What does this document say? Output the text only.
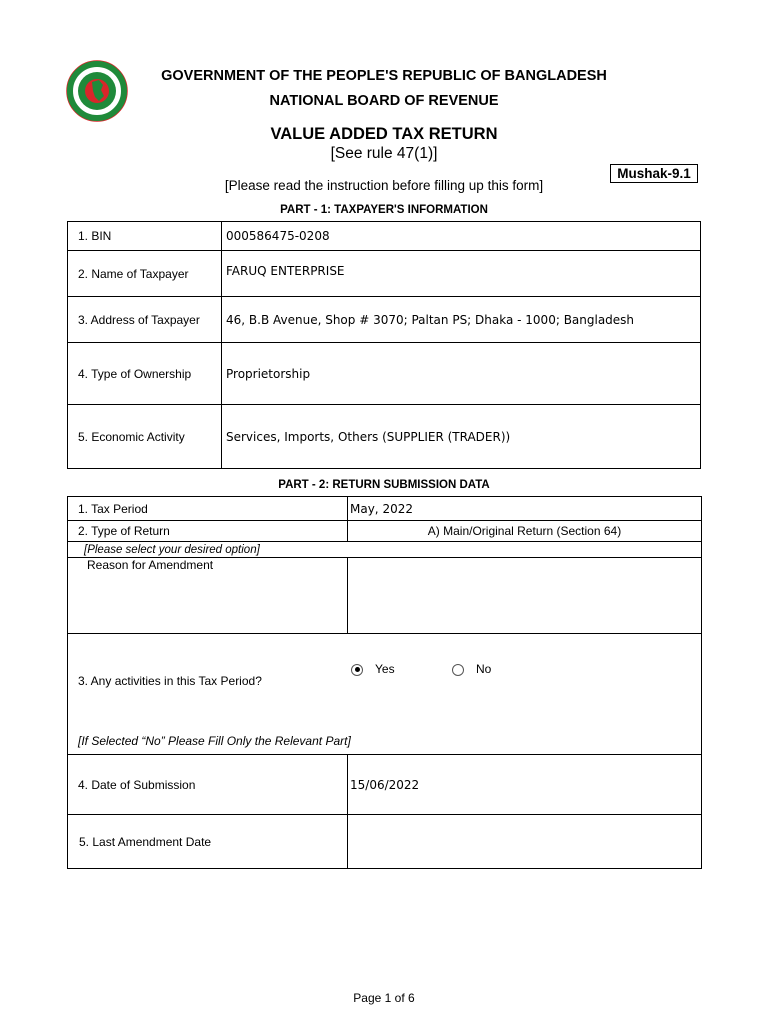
GOVERNMENT OF THE PEOPLE'S REPUBLIC OF BANGLADESH
NATIONAL BOARD OF REVENUE
VALUE ADDED TAX RETURN
[See rule 47(1)]
Mushak-9.1
[Please read the instruction before filling up this form]
PART - 1: TAXPAYER'S INFORMATION
1. BIN	000586475-0208
2. Name of Taxpayer	FARUQ ENTERPRISE
3. Address of Taxpayer	46, B.B Avenue, Shop # 3070; Paltan PS; Dhaka - 1000; Bangladesh
4. Type of Ownership	Proprietorship
5. Economic Activity	Services, Imports, Others (SUPPLIER (TRADER))
PART - 2: RETURN SUBMISSION DATA
1. Tax Period	May, 2022
2. Type of Return	A) Main/Original Return (Section 64)
[Please select your desired option]	
Reason for Amendment	

3. Any activities in this Tax Period?
Yes No
[If Selected “No” Please Fill Only the Relevant Part]	

4. Date of Submission	15/06/2022
5. Last Amendment Date	
Page 1 of 6
